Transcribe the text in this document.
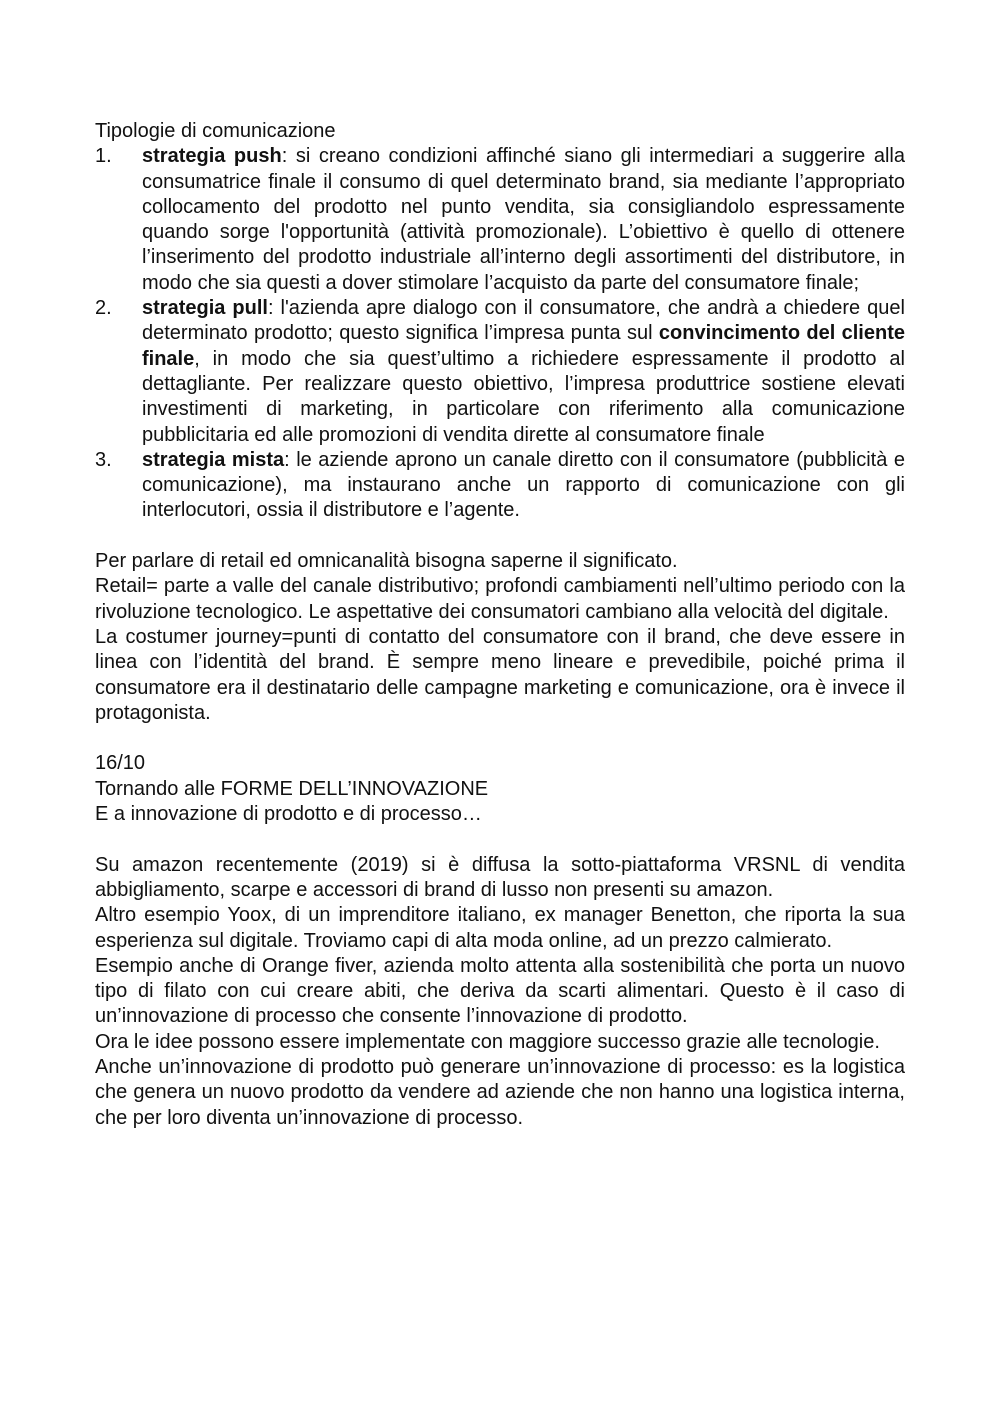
Tipologie di comunicazione

1. strategia push: si creano condizioni affinché siano gli intermediari a suggerire alla consumatrice finale il consumo di quel determinato brand, sia mediante l’appropriato collocamento del prodotto nel punto vendita, sia consigliandolo espressamente quando sorge l'opportunità (attività promozionale). L’obiettivo è quello di ottenere l’inserimento del prodotto industriale all’interno degli assortimenti del distributore, in modo che sia questi a dover stimolare l’acquisto da parte del consumatore finale;
2. strategia pull: l'azienda apre dialogo con il consumatore, che andrà a chiedere quel determinato prodotto; questo significa l’impresa punta sul convincimento del cliente finale, in modo che sia quest’ultimo a richiedere espressamente il prodotto al dettagliante. Per realizzare questo obiettivo, l’impresa produttrice sostiene elevati investimenti di marketing, in particolare con riferimento alla comunicazione pubblicitaria ed alle promozioni di vendita dirette al consumatore finale
3. strategia mista: le aziende aprono un canale diretto con il consumatore (pubblicità e comunicazione), ma instaurano anche un rapporto di comunicazione con gli interlocutori, ossia il distributore e l’agente.

Per parlare di retail ed omnicanalità bisogna saperne il significato.

Retail= parte a valle del canale distributivo; profondi cambiamenti nell’ultimo periodo con la rivoluzione tecnologico. Le aspettative dei consumatori cambiano alla velocità del digitale.

La costumer journey=punti di contatto del consumatore con il brand, che deve essere in linea con l’identità del brand. È sempre meno lineare e prevedibile, poiché prima il consumatore era il destinatario delle campagne marketing e comunicazione, ora è invece il protagonista.

16/10

Tornando alle FORME DELL’INNOVAZIONE

E a innovazione di prodotto e di processo…

Su amazon recentemente (2019) si è diffusa la sotto-piattaforma VRSNL di vendita abbigliamento, scarpe e accessori di brand di lusso non presenti su amazon.

Altro esempio Yoox, di un imprenditore italiano, ex manager Benetton, che riporta la sua esperienza sul digitale. Troviamo capi di alta moda online, ad un prezzo calmierato.

Esempio anche di Orange fiver, azienda molto attenta alla sostenibilità che porta un nuovo tipo di filato con cui creare abiti, che deriva da scarti alimentari. Questo è il caso di un’innovazione di processo che consente l’innovazione di prodotto.

Ora le idee possono essere implementate con maggiore successo grazie alle tecnologie.

Anche un’innovazione di prodotto può generare un’innovazione di processo: es la logistica che genera un nuovo prodotto da vendere ad aziende che non hanno una logistica interna, che per loro diventa un’innovazione di processo.
